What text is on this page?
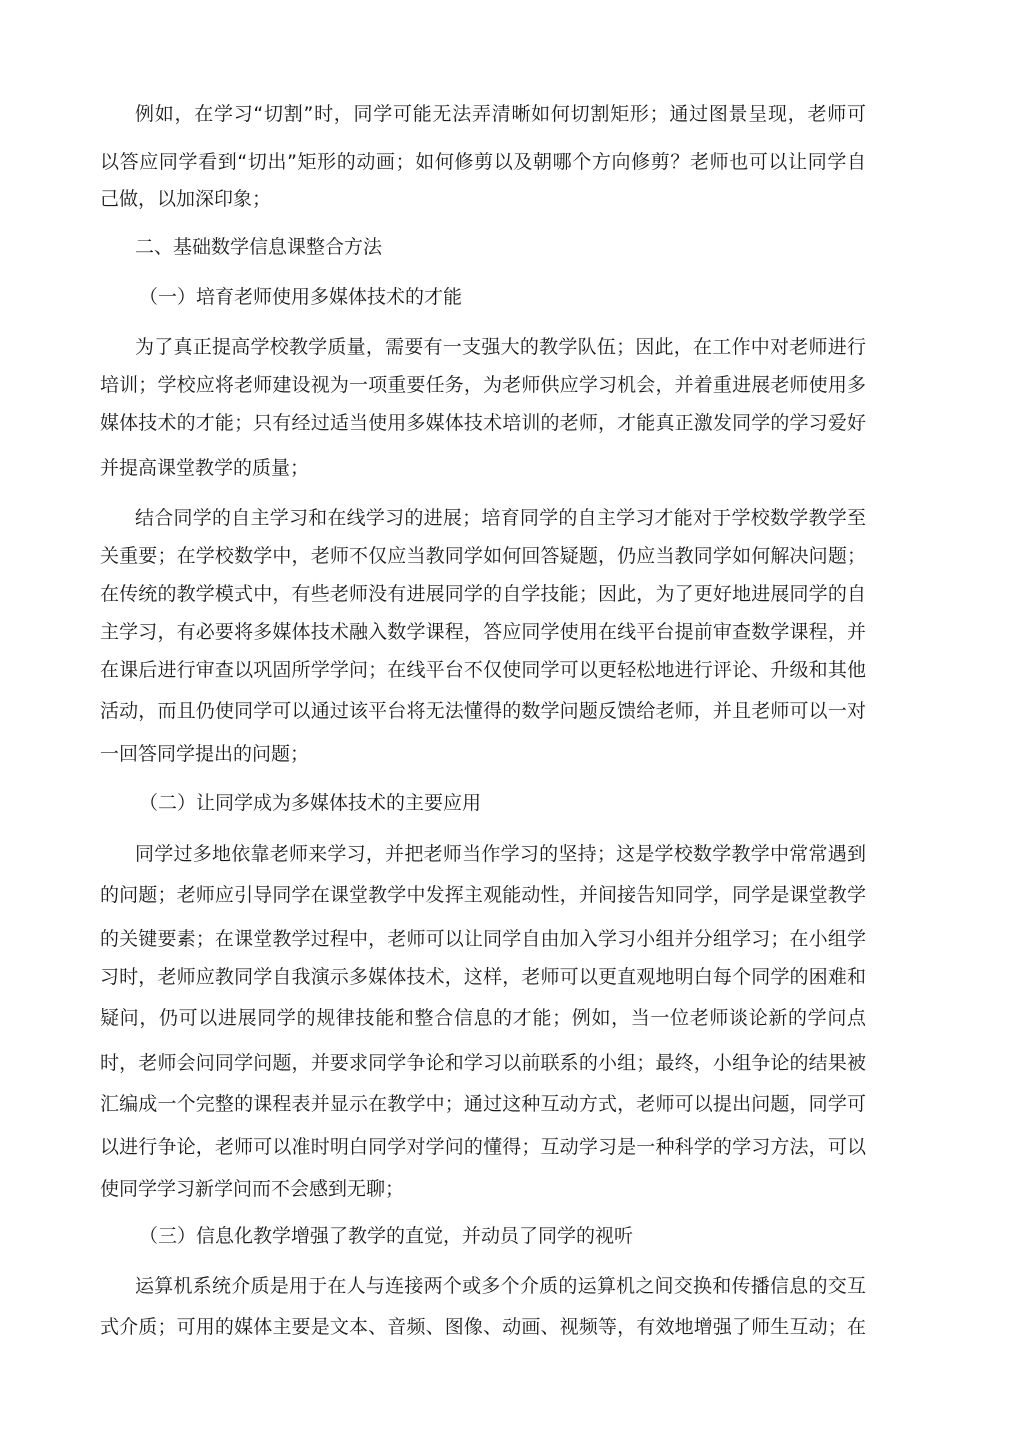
例如，在学习“切割”时，同学可能无法弄清晰如何切割矩形；通过图景呈现，老师可
以答应同学看到“切出”矩形的动画；如何修剪以及朝哪个方向修剪？老师也可以让同学自
己做，以加深印象；
二、基础数学信息课整合方法
（一）培育老师使用多媒体技术的才能
为了真正提高学校教学质量，需要有一支强大的教学队伍；因此，在工作中对老师进行
培训；学校应将老师建设视为一项重要任务，为老师供应学习机会，并着重进展老师使用多
媒体技术的才能；只有经过适当使用多媒体技术培训的老师，才能真正激发同学的学习爱好
并提高课堂教学的质量；
结合同学的自主学习和在线学习的进展；培育同学的自主学习才能对于学校数学教学至
关重要；在学校数学中，老师不仅应当教同学如何回答疑题，仍应当教同学如何解决问题；
在传统的教学模式中，有些老师没有进展同学的自学技能；因此，为了更好地进展同学的自
主学习，有必要将多媒体技术融入数学课程，答应同学使用在线平台提前审查数学课程，并
在课后进行审查以巩固所学学问；在线平台不仅使同学可以更轻松地进行评论、升级和其他
活动，而且仍使同学可以通过该平台将无法懂得的数学问题反馈给老师，并且老师可以一对
一回答同学提出的问题；
（二）让同学成为多媒体技术的主要应用
同学过多地依靠老师来学习，并把老师当作学习的坚持；这是学校数学教学中常常遇到
的问题；老师应引导同学在课堂教学中发挥主观能动性，并间接告知同学，同学是课堂教学
的关键要素；在课堂教学过程中，老师可以让同学自由加入学习小组并分组学习；在小组学
习时，老师应教同学自我演示多媒体技术，这样，老师可以更直观地明白每个同学的困难和
疑问，仍可以进展同学的规律技能和整合信息的才能；例如，当一位老师谈论新的学问点
时，老师会问同学问题，并要求同学争论和学习以前联系的小组；最终，小组争论的结果被
汇编成一个完整的课程表并显示在教学中；通过这种互动方式，老师可以提出问题，同学可
以进行争论，老师可以准时明白同学对学问的懂得；互动学习是一种科学的学习方法，可以
使同学学习新学问而不会感到无聊；
（三）信息化教学增强了教学的直觉，并动员了同学的视听
运算机系统介质是用于在人与连接两个或多个介质的运算机之间交换和传播信息的交互
式介质；可用的媒体主要是文本、音频、图像、动画、视频等，有效地增强了师生互动；在
